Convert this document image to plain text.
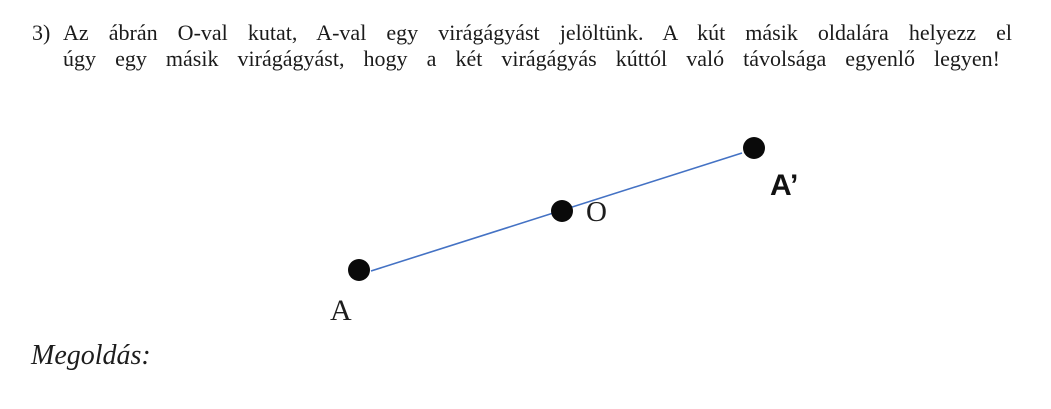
3) Az ábrán O-val kutat, A-val egy virágágyást jelöltünk. A kút másik oldalára helyezz el
úgy egy másik virágágyást, hogy a két virágágyás kúttól való távolsága egyenlő legyen!
A
O
A’
Megoldás:
